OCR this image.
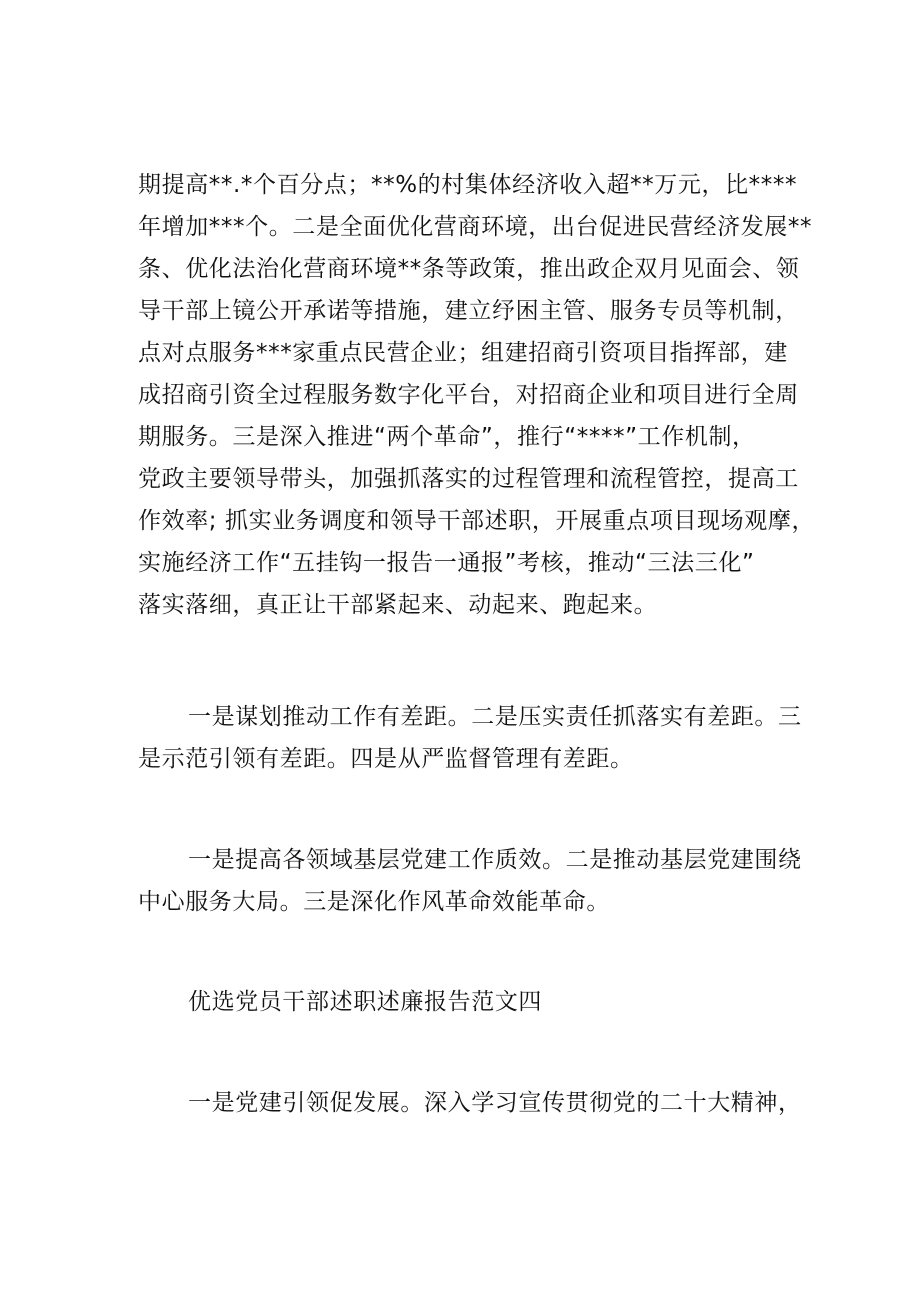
期提高**.*个百分点；**%的村集体经济收入超**万元，比****
年增加***个。二是全面优化营商环境，出台促进民营经济发展**
条、优化法治化营商环境**条等政策，推出政企双月见面会、领
导干部上镜公开承诺等措施，建立纾困主管、服务专员等机制，
点对点服务***家重点民营企业；组建招商引资项目指挥部，建
成招商引资全过程服务数字化平台，对招商企业和项目进行全周
期服务。三是深入推进“两个革命”，推行“****”工作机制，
党政主要领导带头，加强抓落实的过程管理和流程管控，提高工
作效率; 抓实业务调度和领导干部述职，开展重点项目现场观摩，
实施经济工作“五挂钩一报告一通报”考核，推动“三法三化”
落实落细，真正让干部紧起来、动起来、跑起来。
一是谋划推动工作有差距。二是压实责任抓落实有差距。三
是示范引领有差距。四是从严监督管理有差距。
一是提高各领域基层党建工作质效。二是推动基层党建围绕
中心服务大局。三是深化作风革命效能革命。
优选党员干部述职述廉报告范文四
一是党建引领促发展。深入学习宣传贯彻党的二十大精神，
